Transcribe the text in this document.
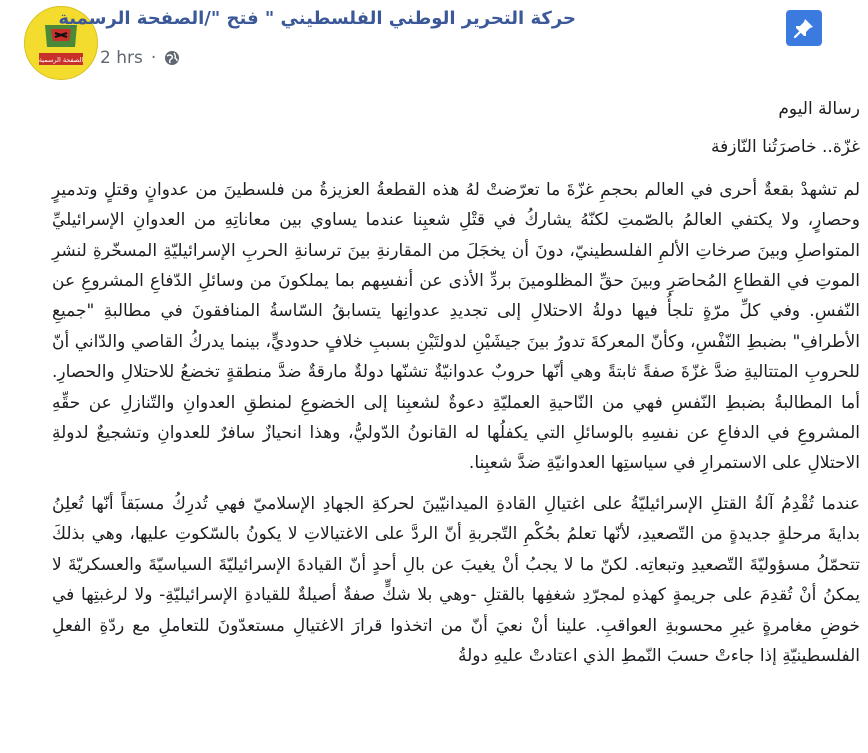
الصفحة الرسمية
حركة التحرير الوطني الفلسطيني " فتح "/الصفحة الرسمية
2 hrs ·

رسالة اليوم

غزّة.. خاصرَتُنا النّازفة

لم تشهدْ بقعةٌ أحرى في العالم بحجمِ غزّةَ ما تعرّضتْ لهُ هذه القطعةُ العزيزةُ من فلسطينَ من عدوانٍ وقتلٍ وتدميرٍ وحصارٍ، ولا يكتفي العالمُ بالصّمتِ لكنّهُ يشاركُ في قتْلِ شعبِنا عندما يساوي بين معاناتِهِ من العدوانِ الإسرائيليِّ المتواصلِ وبينَ صرخاتِ الألمِ الفلسطينيّ، دونَ أن يخجَلَ من المقارنةِ بينَ ترسانةِ الحربِ الإسرائيليّةِ المسخّرةِ لنشرِ الموتِ في القطاعِ المُحاصَرِ وبينَ حقِّ المظلومينَ بردِّ الأذى عن أنفسِهم بما يملكونَ من وسائلِ الدّفاعِ المشروعِ عن النّفسِ. وفي كلِّ مرّةٍ تلجأُ فيها دولةُ الاحتلالِ إلى تجديدِ عدوانِها يتسابقُ السّاسةُ المنافقونَ في مطالبةِ "جميعِ الأطرافِ" بضبطِ النّفْسِ، وكأنّ المعركةَ تدورُ بينَ جيشَيْنِ لدولتَيْنِ بسببِ خلافٍ حدوديٍّ، بينما يدركُ القاصي والدّاني أنّ للحروبِ المتتاليةِ ضدَّ غزّةَ صفةً ثابتةً وهي أنّها حروبٌ عدوانيّةٌ تشنّها دولةٌ مارقةٌ ضدَّ منطقةٍ تخضعُ للاحتلالِ والحصارِ. أما المطالبةُ بضبطِ النّفسِ فهي من النّاحيةِ العمليّةِ دعوةٌ لشعبِنا إلى الخضوعِ لمنطقِ العدوانِ والتّنازلِ عن حقِّهِ المشروعِ في الدفاعِ عن نفسِهِ بالوسائلِ التي يكفلُها له القانونُ الدّوليُّ، وهذا انحيازٌ سافرٌ للعدوانِ وتشجيعٌ لدولةِ الاحتلالِ على الاستمرارِ في سياستِها العدوانيّةِ ضدَّ شعبِنا.

عندما تُقْدِمُ آلةُ القتلِ الإسرائيليّةُ على اغتيالِ القادةِ الميدانيّينَ لحركةِ الجهادِ الإسلاميّ فهي تُدرِكُ مسبَقاً أنّها تُعلِنُ بدايةَ مرحلةٍ جديدةٍ من التّصعيدِ، لأنّها تعلمُ بحُكْمِ التّجربةِ أنّ الردَّ على الاغتيالاتِ لا يكونُ بالسّكوتِ عليها، وهي بذلكَ تتحمّلُ مسؤوليّةَ التّصعيدِ وتبعاتِه. لكنّ ما لا يجبُ أنْ يغيبَ عن بالِ أحدٍ أنّ القيادةَ الإسرائيليّةَ السياسيّةَ والعسكريّةَ لا يمكنُ أنْ تُقدِمَ على جريمةٍ كهذهِ لمجرّدِ شغفِها بالقتلِ -وهي بلا شكٍّ صفةٌ أصيلةٌ للقيادةِ الإسرائيليّةِ- ولا لرغبتِها في خوضِ مغامرةٍ غيرِ محسوبةِ العواقبِ. علينا أنْ نعيَ أنّ من اتخذوا قرارَ الاغتيالِ مستعدّونَ للتعاملِ مع ردّةِ الفعلِ الفلسطينيّةِ إذا جاءتْ حسبَ النّمطِ الذي اعتادتْ عليهِ دولةُ
